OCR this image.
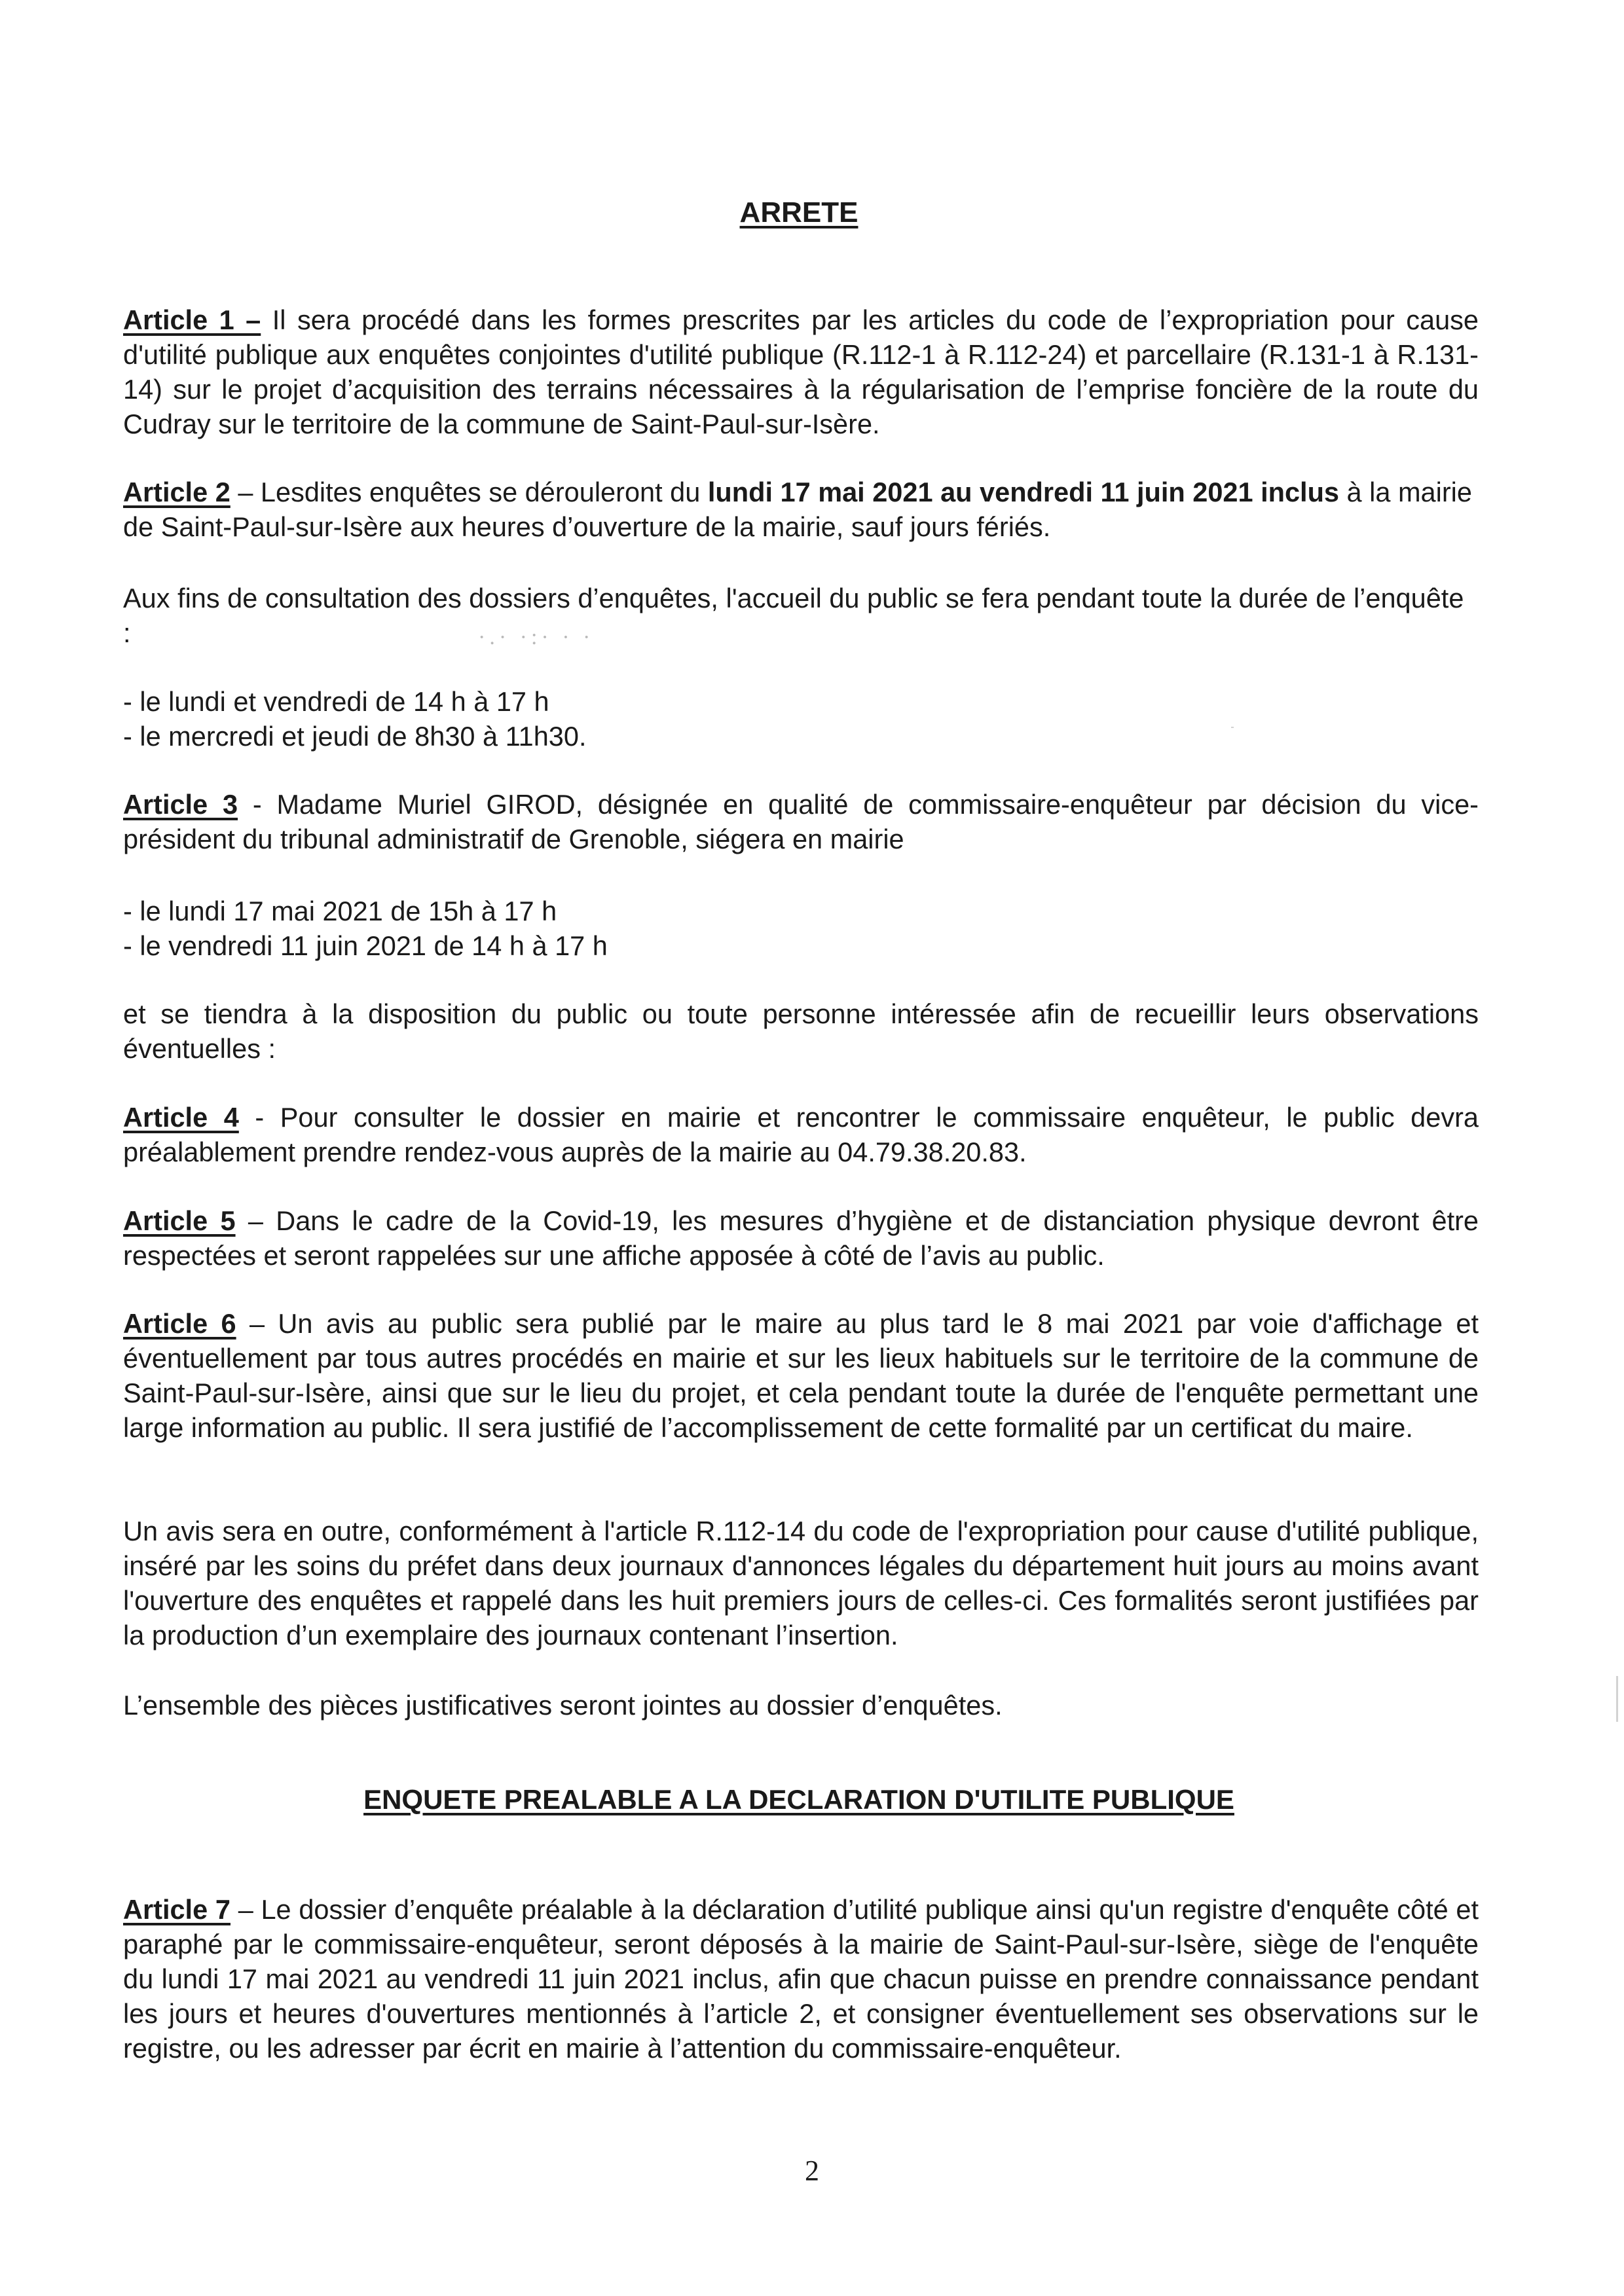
ARRETE

Article 1 – Il sera procédé dans les formes prescrites par les articles du code de l’expropriation pour cause d'utilité publique aux enquêtes conjointes d'utilité publique (R.112-1 à R.112-24) et parcellaire (R.131-1 à R.131-14) sur le projet d’acquisition des terrains nécessaires à la régularisation de l’emprise foncière de la route du Cudray sur le territoire de la commune de Saint-Paul-sur-Isère.

Article 2 – Lesdites enquêtes se dérouleront du lundi 17 mai 2021 au vendredi 11 juin 2021 inclus à la mairie de Saint-Paul-sur-Isère aux heures d’ouverture de la mairie, sauf jours fériés.

Aux fins de consultation des dossiers d’enquêtes, l'accueil du public se fera pendant toute la durée de l’enquête :

- le lundi et vendredi de 14 h à 17 h
- le mercredi et jeudi de 8h30 à 11h30.

Article 3 - Madame Muriel GIROD, désignée en qualité de commissaire-enquêteur par décision du vice-président du tribunal administratif de Grenoble, siégera en mairie

- le lundi 17 mai 2021 de 15h à 17 h
- le vendredi 11 juin 2021 de 14 h à 17 h

et se tiendra à la disposition du public ou toute personne intéressée afin de recueillir leurs observations éventuelles :

Article 4 - Pour consulter le dossier en mairie et rencontrer le commissaire enquêteur, le public devra préalablement prendre rendez-vous auprès de la mairie au 04.79.38.20.83.

Article 5 – Dans le cadre de la Covid-19, les mesures d’hygiène et de distanciation physique devront être respectées et seront rappelées sur une affiche apposée à côté de l’avis au public.

Article 6 – Un avis au public sera publié par le maire au plus tard le 8 mai 2021 par voie d'affichage et éventuellement par tous autres procédés en mairie et sur les lieux habituels sur le territoire de la commune de Saint-Paul-sur-Isère, ainsi que sur le lieu du projet, et cela pendant toute la durée de l'enquête permettant une large information au public. Il sera justifié de l’accomplissement de cette formalité par un certificat du maire.

Un avis sera en outre, conformément à l'article R.112-14 du code de l'expropriation pour cause d'utilité publique, inséré par les soins du préfet dans deux journaux d'annonces légales du département huit jours au moins avant l'ouverture des enquêtes et rappelé dans les huit premiers jours de celles-ci. Ces formalités seront justifiées par la production d’un exemplaire des journaux contenant l’insertion.

L’ensemble des pièces justificatives seront jointes au dossier d’enquêtes.

Article 7 – Le dossier d’enquête préalable à la déclaration d’utilité publique ainsi qu'un registre d'enquête côté et paraphé par le commissaire-enquêteur, seront déposés à la mairie de Saint-Paul-sur-Isère, siège de l'enquête du lundi 17 mai 2021 au vendredi 11 juin 2021 inclus, afin que chacun puisse en prendre connaissance pendant les jours et heures d'ouvertures mentionnés à l’article 2, et consigner éventuellement ses observations sur le registre, ou les adresser par écrit en mairie à l’attention du commissaire-enquêteur.

ENQUETE PREALABLE A LA DECLARATION D'UTILITE PUBLIQUE
·.· ·:· · ·
2
